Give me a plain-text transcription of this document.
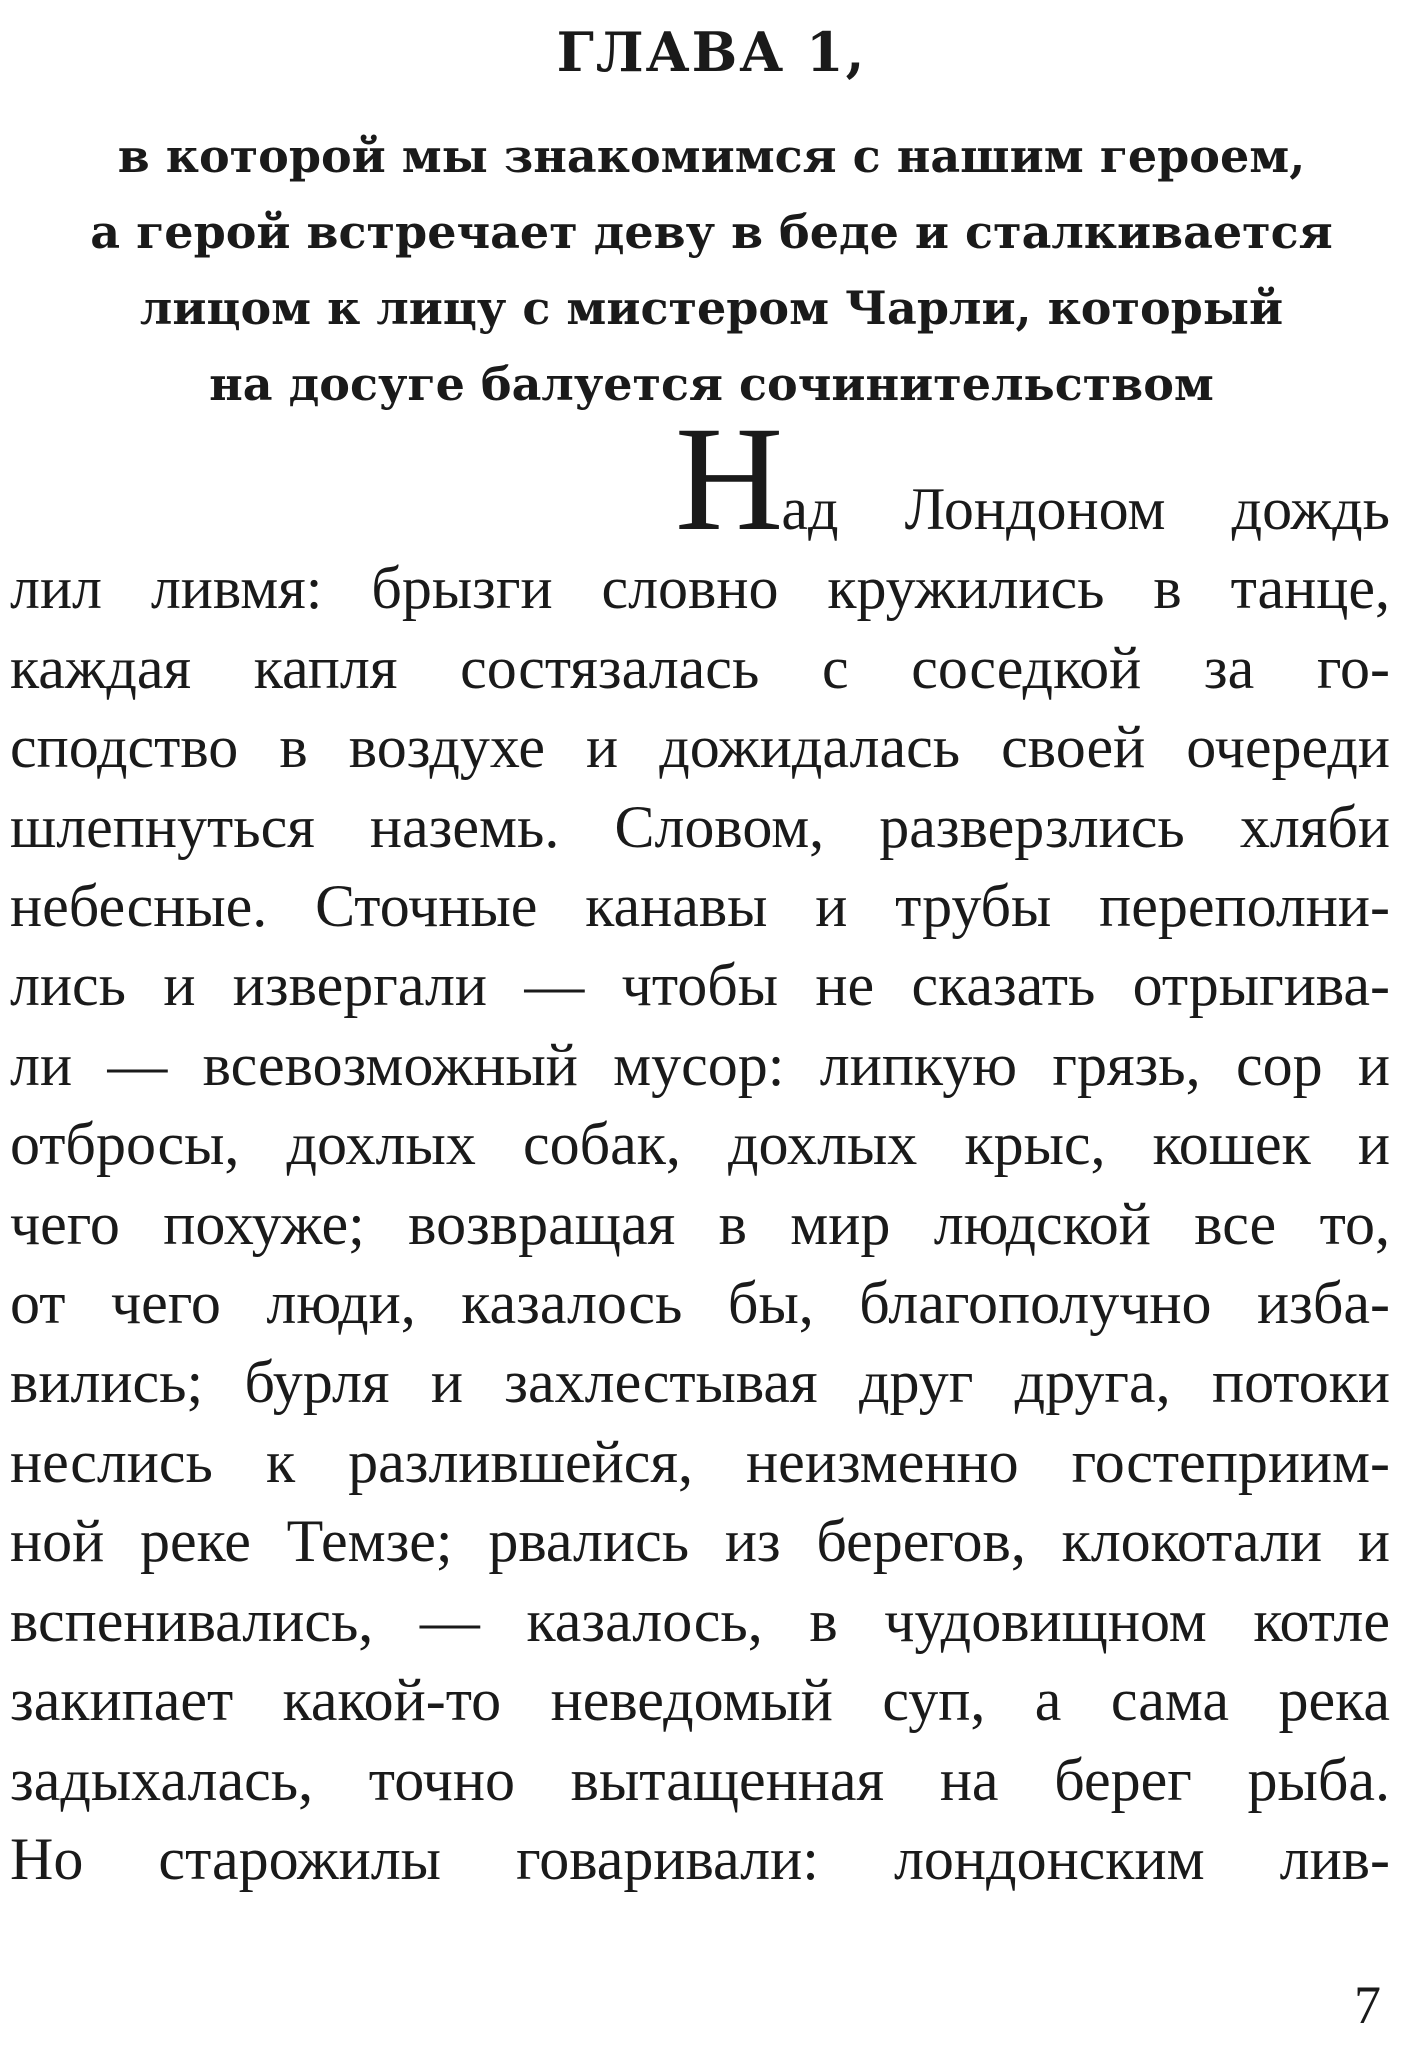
ГЛАВА 1,
в которой мы знакомимся с нашим героем,
а герой встречает деву в беде и сталкивается
лицом к лицу с мистером Чарли, который
на досуге балуется сочинительством

Над Лондоном дождь
лил ливмя: брызги словно кружились в танце,
каждая капля состязалась с соседкой за го-
сподство в воздухе и дожидалась своей очереди
шлепнуться наземь. Словом, разверзлись хляби
небесные. Сточные канавы и трубы переполни-
лись и извергали — чтобы не сказать отрыгива-
ли — всевозможный мусор: липкую грязь, сор и
отбросы, дохлых собак, дохлых крыс, кошек и
чего похуже; возвращая в мир людской все то,
от чего люди, казалось бы, благополучно изба-
вились; бурля и захлестывая друг друга, потоки
неслись к разлившейся, неизменно гостеприим-
ной реке Темзе; рвались из берегов, клокотали и
вспенивались, — казалось, в чудовищном котле
закипает какой-то неведомый суп, а сама река
задыхалась, точно вытащенная на берег рыба.
Но старожилы говаривали: лондонским лив-

7
